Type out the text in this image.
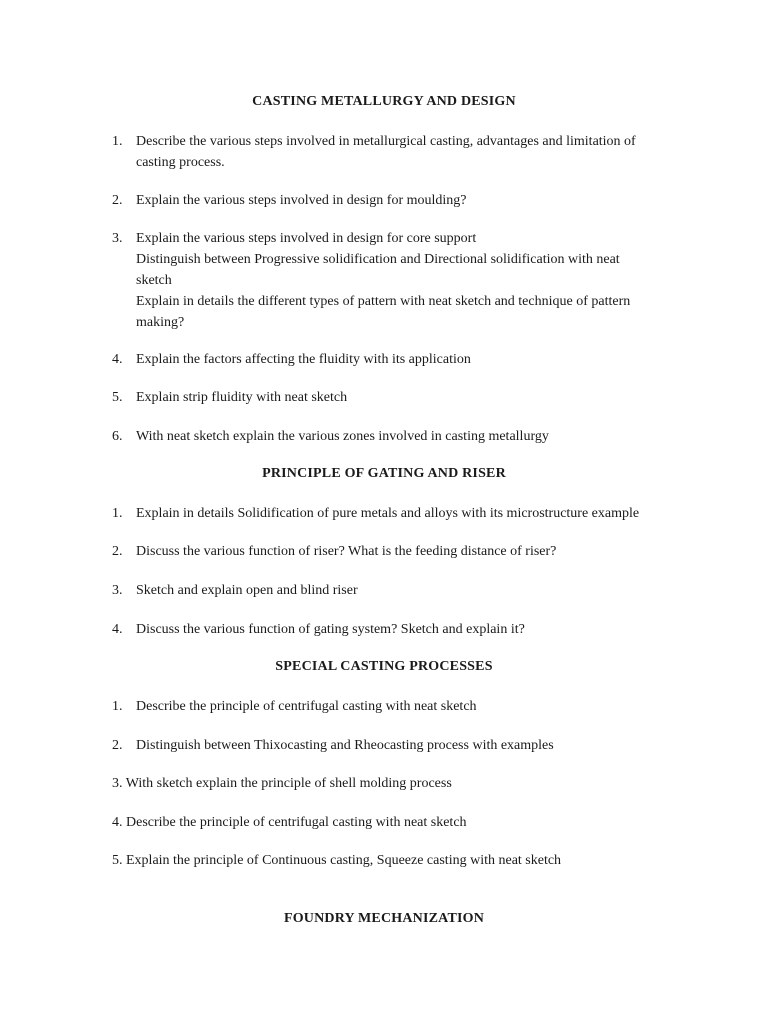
CASTING METALLURGY AND DESIGN
1. Describe the various steps involved in metallurgical casting, advantages and limitation of
casting process.
2. Explain the various steps involved in design for moulding?
3. Explain the various steps involved in design for core support
Distinguish between Progressive solidification and Directional solidification with neat
sketch
Explain in details the different types of pattern with neat sketch and technique of pattern
making?
4. Explain the factors affecting the fluidity with its application
5. Explain strip fluidity with neat sketch
6. With neat sketch explain the various zones involved in casting metallurgy
PRINCIPLE OF GATING AND RISER
1. Explain in details Solidification of pure metals and alloys with its microstructure example
2. Discuss the various function of riser? What is the feeding distance of riser?
3. Sketch and explain open and blind riser
4. Discuss the various function of gating system? Sketch and explain it?
SPECIAL CASTING PROCESSES
1. Describe the principle of centrifugal casting with neat sketch
2. Distinguish between Thixocasting and Rheocasting process with examples
3. With sketch explain the principle of shell molding process
4. Describe the principle of centrifugal casting with neat sketch
5. Explain the principle of Continuous casting, Squeeze casting with neat sketch
FOUNDRY MECHANIZATION
